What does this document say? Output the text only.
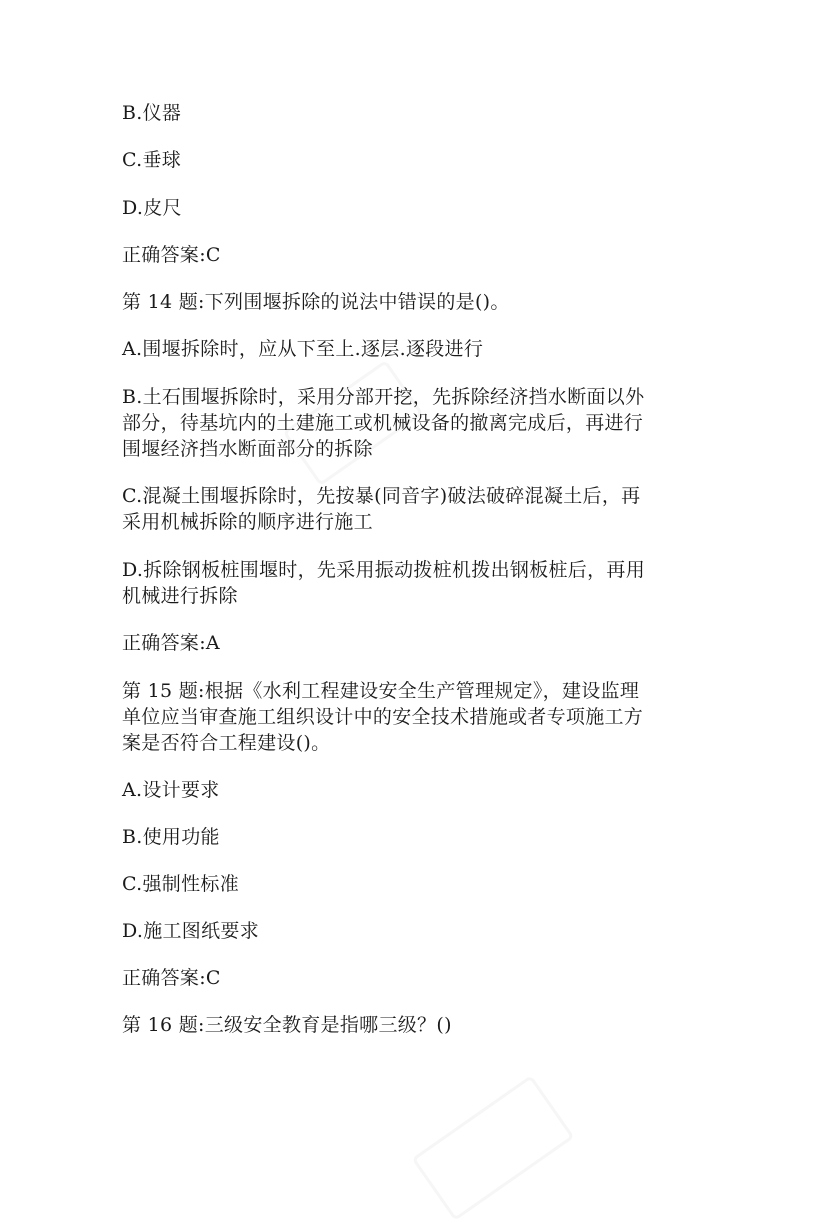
B.仪器
C.垂球
D.皮尺
正确答案:C
第 14 题:下列围堰拆除的说法中错误的是()。
A.围堰拆除时，应从下至上.逐层.逐段进行
B.土石围堰拆除时，采用分部开挖，先拆除经济挡水断面以外
部分，待基坑内的土建施工或机械设备的撤离完成后，再进行
围堰经济挡水断面部分的拆除
C.混凝土围堰拆除时，先按暴(同音字)破法破碎混凝土后，再
采用机械拆除的顺序进行施工
D.拆除钢板桩围堰时，先采用振动拨桩机拨出钢板桩后，再用
机械进行拆除
正确答案:A
第 15 题:根据《水利工程建设安全生产管理规定》，建设监理
单位应当审查施工组织设计中的安全技术措施或者专项施工方
案是否符合工程建设()。
A.设计要求
B.使用功能
C.强制性标准
D.施工图纸要求
正确答案:C
第 16 题:三级安全教育是指哪三级？()
